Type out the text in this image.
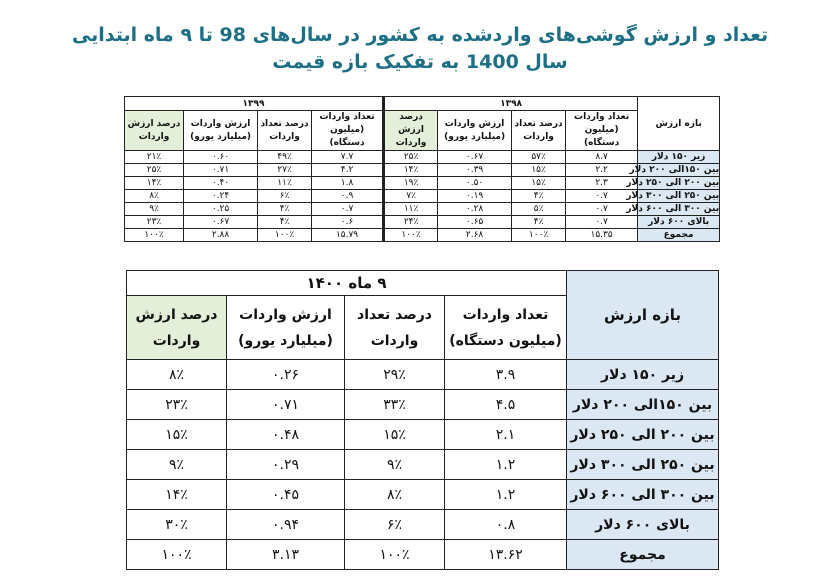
تعداد و ارزش گوشی‌های واردشده به کشور در سال‌های 98 تا ۹ ماه ابتدایی
سال 1400 به تفکیک بازه قیمت
بازه ارزش	۱۳۹۸				۱۳۹۹			
	تعداد واردات (میلیون دستگاه)	درصد تعداد واردات	ارزش واردات (میلیارد یورو)	درصد ارزش واردات	تعداد واردات (میلیون دستگاه)	درصد تعداد واردات	ارزش واردات (میلیارد یورو)	درصد ارزش واردات
زیر ۱۵۰ دلار	۸.۷	۵۷٪	۰.۶۷	۲۵٪	۷.۷	۴۹٪	۰.۶۰	۲۱٪
بین ۱۵۰الی ۲۰۰ دلار	۲.۲	۱۵٪	۰.۳۹	۱۴٪	۴.۲	۲۷٪	۰.۷۱	۲۵٪
بین ۲۰۰ الی ۲۵۰ دلار	۲.۳	۱۵٪	۰.۵۰	۱۹٪	۱.۸	۱۱٪	۰.۴۰	۱۴٪
بین ۲۵۰ الی ۳۰۰ دلار	۰.۷	۴٪	۰.۱۹	۷٪	۰.۹	۶٪	۰.۲۴	۸٪
بین ۳۰۰ الی ۶۰۰ دلار	۰.۷	۵٪	۰.۲۸	۱۱٪	۰.۷	۴٪	۰.۲۵	۹٪
بالای ۶۰۰ دلار	۰.۷	۴٪	۰.۶۵	۲۴٪	۰.۶	۴٪	۰.۶۷	۲۳٪
مجموع	۱۵.۳۵	۱۰۰٪	۲.۶۸	۱۰۰٪	۱۵.۷۹	۱۰۰٪	۲.۸۸	۱۰۰٪
بازه ارزش	۹ ماه ۱۴۰۰			
	تعداد واردات (میلیون دستگاه)	درصد تعداد واردات	ارزش واردات (میلیارد یورو)	درصد ارزش واردات
زیر ۱۵۰ دلار	۳.۹	۲۹٪	۰.۲۶	۸٪
بین ۱۵۰الی ۲۰۰ دلار	۴.۵	۳۳٪	۰.۷۱	۲۳٪
بین ۲۰۰ الی ۲۵۰ دلار	۲.۱	۱۵٪	۰.۴۸	۱۵٪
بین ۲۵۰ الی ۳۰۰ دلار	۱.۲	۹٪	۰.۲۹	۹٪
بین ۳۰۰ الی ۶۰۰ دلار	۱.۲	۸٪	۰.۴۵	۱۴٪
بالای ۶۰۰ دلار	۰.۸	۶٪	۰.۹۴	۳۰٪
مجموع	۱۳.۶۲	۱۰۰٪	۳.۱۳	۱۰۰٪
